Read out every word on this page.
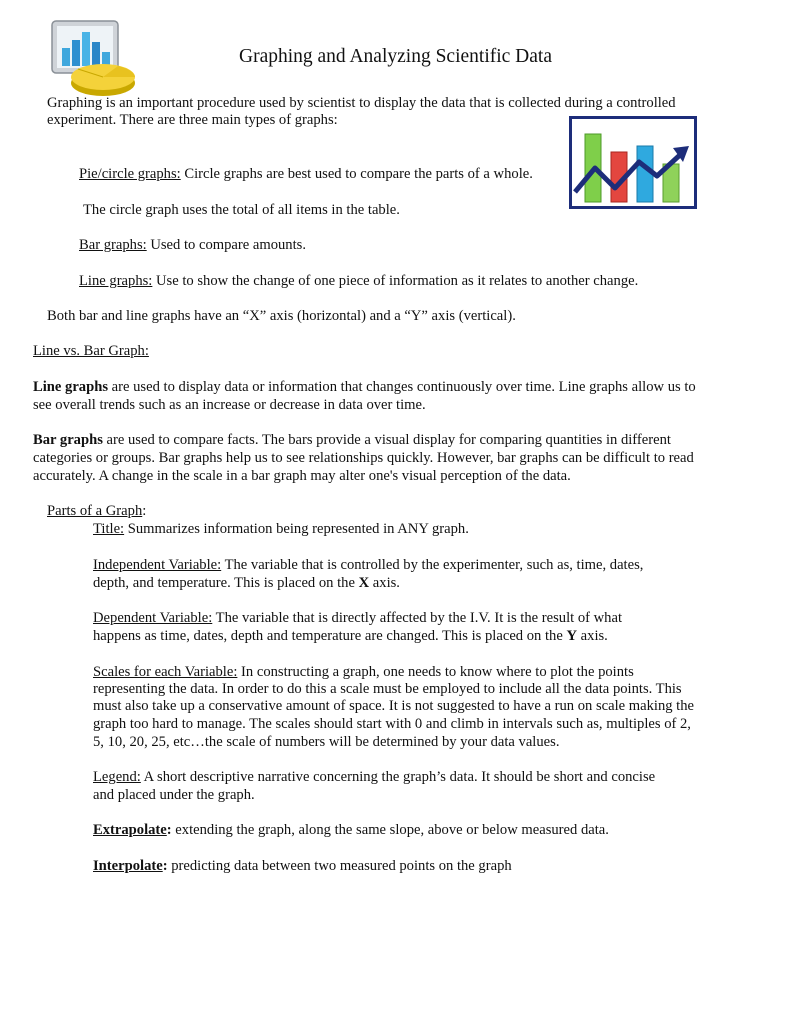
Graphing and Analyzing Scientific Data
Graphing is an important procedure used by scientist to display the data that is collected during a controlled
experiment. There are three main types of graphs:
Pie/circle graphs: Circle graphs are best used to compare the parts of a whole.
The circle graph uses the total of all items in the table.
Bar graphs: Used to compare amounts.
Line graphs: Use to show the change of one piece of information as it relates to another change.
Both bar and line graphs have an “X” axis (horizontal) and a “Y” axis (vertical).
Line vs. Bar Graph:
Line graphs are used to display data or information that changes continuously over time. Line graphs allow us to
see overall trends such as an increase or decrease in data over time.
Bar graphs are used to compare facts. The bars provide a visual display for comparing quantities in different
categories or groups. Bar graphs help us to see relationships quickly. However, bar graphs can be difficult to read
accurately. A change in the scale in a bar graph may alter one's visual perception of the data.
Parts of a Graph:
Title: Summarizes information being represented in ANY graph.
Independent Variable: The variable that is controlled by the experimenter, such as, time, dates,
depth, and temperature. This is placed on the X axis.
Dependent Variable: The variable that is directly affected by the I.V. It is the result of what
happens as time, dates, depth and temperature are changed. This is placed on the Y axis.
Scales for each Variable: In constructing a graph, one needs to know where to plot the points
representing the data. In order to do this a scale must be employed to include all the data points. This
must also take up a conservative amount of space. It is not suggested to have a run on scale making the
graph too hard to manage. The scales should start with 0 and climb in intervals such as, multiples of 2,
5, 10, 20, 25, etc…the scale of numbers will be determined by your data values.
Legend: A short descriptive narrative concerning the graph’s data. It should be short and concise
and placed under the graph.
Extrapolate: extending the graph, along the same slope, above or below measured data.
Interpolate: predicting data between two measured points on the graph
